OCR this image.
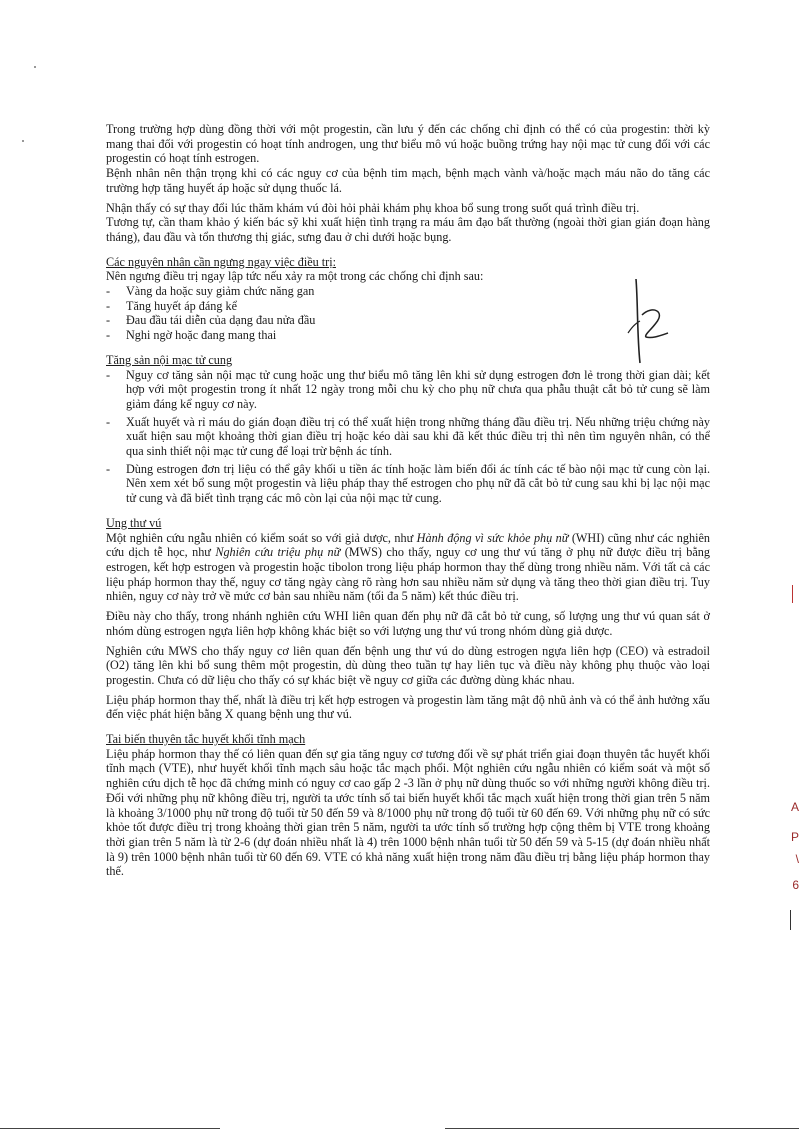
Trong trường hợp dùng đồng thời với một progestin, cần lưu ý đến các chống chỉ định có thể có của progestin: thời kỳ mang thai đối với progestin có hoạt tính androgen, ung thư biểu mô vú hoặc buồng trứng hay nội mạc tử cung đối với các progestin có hoạt tính estrogen.

Bệnh nhân nên thận trọng khi có các nguy cơ của bệnh tim mạch, bệnh mạch vành và/hoặc mạch máu não do tăng các trường hợp tăng huyết áp hoặc sử dụng thuốc lá.

Nhận thấy có sự thay đổi lúc thăm khám vú đòi hỏi phải khám phụ khoa bổ sung trong suốt quá trình điều trị.

Tương tự, cần tham khảo ý kiến bác sỹ khi xuất hiện tình trạng ra máu âm đạo bất thường (ngoài thời gian gián đoạn hàng tháng), đau đầu và tổn thương thị giác, sưng đau ở chi dưới hoặc bụng.

Các nguyên nhân cần ngưng ngay việc điều trị:

Nên ngưng điều trị ngay lập tức nếu xảy ra một trong các chống chỉ định sau:

- Vàng da hoặc suy giảm chức năng gan
- Tăng huyết áp đáng kể
- Đau đầu tái diễn của dạng đau nửa đầu
- Nghi ngờ hoặc đang mang thai
Tăng sản nội mạc tử cung
- Nguy cơ tăng sản nội mạc tử cung hoặc ung thư biểu mô tăng lên khi sử dụng estrogen đơn lẻ trong thời gian dài; kết hợp với một progestin trong ít nhất 12 ngày trong mỗi chu kỳ cho phụ nữ chưa qua phẫu thuật cắt bỏ tử cung sẽ làm giảm đáng kể nguy cơ này.
- Xuất huyết và rỉ máu do gián đoạn điều trị có thể xuất hiện trong những tháng đầu điều trị. Nếu những triệu chứng này xuất hiện sau một khoảng thời gian điều trị hoặc kéo dài sau khi đã kết thúc điều trị thì nên tìm nguyên nhân, có thể qua sinh thiết nội mạc tử cung để loại trừ bệnh ác tính.
- Dùng estrogen đơn trị liệu có thể gây khối u tiền ác tính hoặc làm biến đổi ác tính các tế bào nội mạc tử cung còn lại. Nên xem xét bổ sung một progestin và liệu pháp thay thế estrogen cho phụ nữ đã cắt bỏ tử cung sau khi bị lạc nội mạc tử cung và đã biết tình trạng các mô còn lại của nội mạc tử cung.
Ung thư vú

Một nghiên cứu ngẫu nhiên có kiểm soát so với giả dược, như Hành động vì sức khỏe phụ nữ (WHI) cũng như các nghiên cứu dịch tễ học, như Nghiên cứu triệu phụ nữ (MWS) cho thấy, nguy cơ ung thư vú tăng ở phụ nữ được điều trị bằng estrogen, kết hợp estrogen và progestin hoặc tibolon trong liệu pháp hormon thay thế dùng trong nhiều năm. Với tất cả các liệu pháp hormon thay thế, nguy cơ tăng ngày càng rõ ràng hơn sau nhiều năm sử dụng và tăng theo thời gian điều trị. Tuy nhiên, nguy cơ này trở về mức cơ bản sau nhiều năm (tối đa 5 năm) kết thúc điều trị.

Điều này cho thấy, trong nhánh nghiên cứu WHI liên quan đến phụ nữ đã cắt bỏ tử cung, số lượng ung thư vú quan sát ở nhóm dùng estrogen ngựa liên hợp không khác biệt so với lượng ung thư vú trong nhóm dùng giả dược.

Nghiên cứu MWS cho thấy nguy cơ liên quan đến bệnh ung thư vú do dùng estrogen ngựa liên hợp (CEO) và estradoil (O2) tăng lên khi bổ sung thêm một progestin, dù dùng theo tuần tự hay liên tục và điều này không phụ thuộc vào loại progestin. Chưa có dữ liệu cho thấy có sự khác biệt về nguy cơ giữa các đường dùng khác nhau.

Liệu pháp hormon thay thế, nhất là điều trị kết hợp estrogen và progestin làm tăng mật độ nhũ ảnh và có thể ảnh hưởng xấu đến việc phát hiện bằng X quang bệnh ung thư vú.

Tai biến thuyên tắc huyết khối tĩnh mạch

Liệu pháp hormon thay thế có liên quan đến sự gia tăng nguy cơ tương đối về sự phát triển giai đoạn thuyên tắc huyết khối tĩnh mạch (VTE), như huyết khối tĩnh mạch sâu hoặc tắc mạch phổi. Một nghiên cứu ngẫu nhiên có kiểm soát và một số nghiên cứu dịch tễ học đã chứng minh có nguy cơ cao gấp 2 -3 lần ở phụ nữ dùng thuốc so với những người không điều trị. Đối với những phụ nữ không điều trị, người ta ước tính số tai biến huyết khối tắc mạch xuất hiện trong thời gian trên 5 năm là khoảng 3/1000 phụ nữ trong độ tuổi từ 50 đến 59 và 8/1000 phụ nữ trong độ tuổi từ 60 đến 69. Với những phụ nữ có sức khỏe tốt được điều trị trong khoảng thời gian trên 5 năm, người ta ước tính số trường hợp cộng thêm bị VTE trong khoảng thời gian trên 5 năm là từ 2-6 (dự đoán nhiều nhất là 4) trên 1000 bệnh nhân tuổi từ 50 đến 59 và 5-15 (dự đoán nhiều nhất là 9) trên 1000 bệnh nhân tuổi từ 60 đến 69. VTE có khả năng xuất hiện trong năm đầu điều trị bằng liệu pháp hormon thay thế.

A
P
\
6
